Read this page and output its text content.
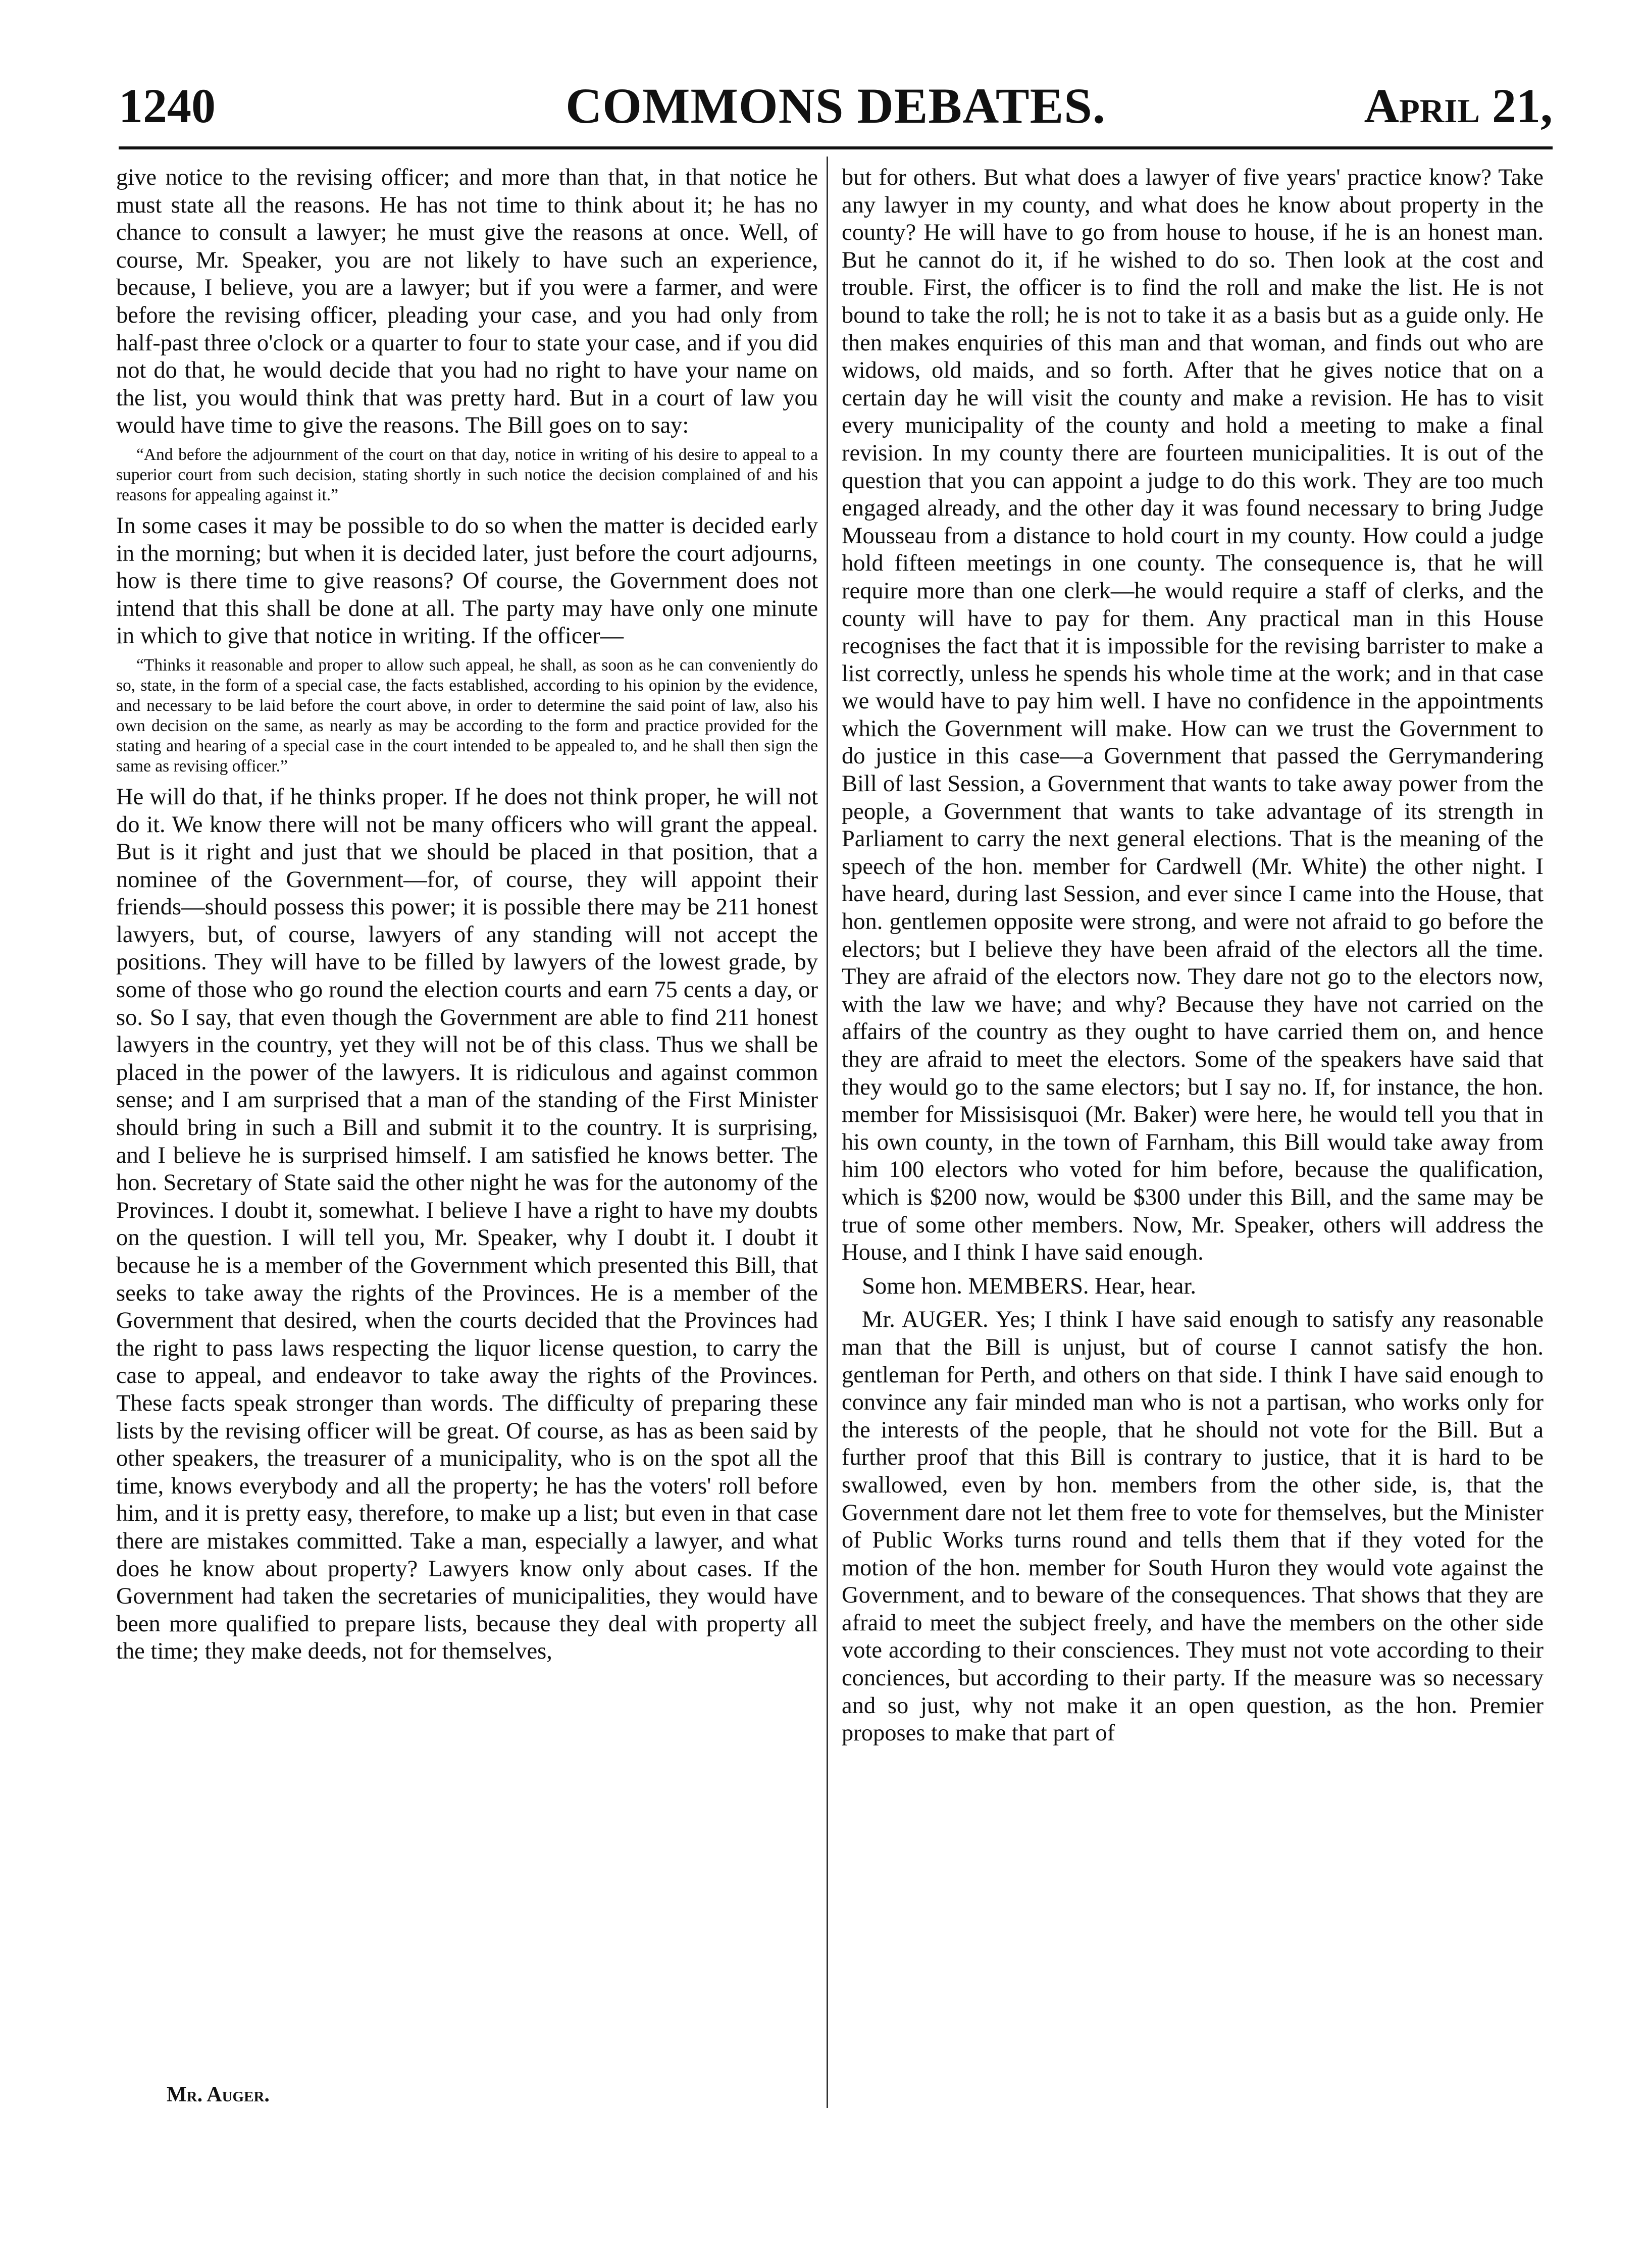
1240	COMMONS DEBATES.	April 21,

give notice to the revising officer; and more than that, in that notice he must state all the reasons. He has not time to think about it; he has no chance to consult a lawyer; he must give the reasons at once. Well, of course, Mr. Speaker, you are not likely to have such an experience, because, I believe, you are a lawyer; but if you were a farmer, and were before the revising officer, pleading your case, and you had only from half-past three o'clock or a quarter to four to state your case, and if you did not do that, he would decide that you had no right to have your name on the list, you would think that was pretty hard. But in a court of law you would have time to give the reasons. The Bill goes on to say:

“And before the adjournment of the court on that day, notice in writing of his desire to appeal to a superior court from such decision, stating shortly in such notice the decision complained of and his reasons for appealing against it.”

In some cases it may be possible to do so when the matter is decided early in the morning; but when it is decided later, just before the court adjourns, how is there time to give reasons? Of course, the Government does not intend that this shall be done at all. The party may have only one minute in which to give that notice in writing. If the officer—

“Thinks it reasonable and proper to allow such appeal, he shall, as soon as he can conveniently do so, state, in the form of a special case, the facts established, according to his opinion by the evidence, and necessary to be laid before the court above, in order to determine the said point of law, also his own decision on the same, as nearly as may be according to the form and practice provided for the stating and hearing of a special case in the court intended to be appealed to, and he shall then sign the same as revising officer.”

He will do that, if he thinks proper. If he does not think proper, he will not do it. We know there will not be many officers who will grant the appeal. But is it right and just that we should be placed in that position, that a nominee of the Government—for, of course, they will appoint their friends—should possess this power; it is possible there may be 211 honest lawyers, but, of course, lawyers of any standing will not accept the positions. They will have to be filled by lawyers of the lowest grade, by some of those who go round the election courts and earn 75 cents a day, or so. So I say, that even though the Government are able to find 211 honest lawyers in the country, yet they will not be of this class. Thus we shall be placed in the power of the lawyers. It is ridiculous and against common sense; and I am surprised that a man of the standing of the First Minister should bring in such a Bill and submit it to the country. It is surprising, and I believe he is surprised himself. I am satisfied he knows better. The hon. Secretary of State said the other night he was for the autonomy of the Provinces. I doubt it, somewhat. I believe I have a right to have my doubts on the question. I will tell you, Mr. Speaker, why I doubt it. I doubt it because he is a member of the Government which presented this Bill, that seeks to take away the rights of the Provinces. He is a member of the Government that desired, when the courts decided that the Provinces had the right to pass laws respecting the liquor license question, to carry the case to appeal, and endeavor to take away the rights of the Provinces. These facts speak stronger than words. The difficulty of preparing these lists by the revising officer will be great. Of course, as has as been said by other speakers, the treasurer of a municipality, who is on the spot all the time, knows everybody and all the property; he has the voters' roll before him, and it is pretty easy, therefore, to make up a list; but even in that case there are mistakes committed. Take a man, especially a lawyer, and what does he know about property? Lawyers know only about cases. If the Government had taken the secretaries of municipalities, they would have been more qualified to prepare lists, because they deal with property all the time; they make deeds, not for themselves,

but for others. But what does a lawyer of five years' practice know? Take any lawyer in my county, and what does he know about property in the county? He will have to go from house to house, if he is an honest man. But he cannot do it, if he wished to do so. Then look at the cost and trouble. First, the officer is to find the roll and make the list. He is not bound to take the roll; he is not to take it as a basis but as a guide only. He then makes enquiries of this man and that woman, and finds out who are widows, old maids, and so forth. After that he gives notice that on a certain day he will visit the county and make a revision. He has to visit every municipality of the county and hold a meeting to make a final revision. In my county there are fourteen municipalities. It is out of the question that you can appoint a judge to do this work. They are too much engaged already, and the other day it was found necessary to bring Judge Mousseau from a distance to hold court in my county. How could a judge hold fifteen meetings in one county. The consequence is, that he will require more than one clerk—he would require a staff of clerks, and the county will have to pay for them. Any practical man in this House recognises the fact that it is impossible for the revising barrister to make a list correctly, unless he spends his whole time at the work; and in that case we would have to pay him well. I have no confidence in the appointments which the Government will make. How can we trust the Government to do justice in this case—a Government that passed the Gerrymandering Bill of last Session, a Government that wants to take away power from the people, a Government that wants to take advantage of its strength in Parliament to carry the next general elections. That is the meaning of the speech of the hon. member for Cardwell (Mr. White) the other night. I have heard, during last Session, and ever since I came into the House, that hon. gentlemen opposite were strong, and were not afraid to go before the electors; but I believe they have been afraid of the electors all the time. They are afraid of the electors now. They dare not go to the electors now, with the law we have; and why? Because they have not carried on the affairs of the country as they ought to have carried them on, and hence they are afraid to meet the electors. Some of the speakers have said that they would go to the same electors; but I say no. If, for instance, the hon. member for Missisisquoi (Mr. Baker) were here, he would tell you that in his own county, in the town of Farnham, this Bill would take away from him 100 electors who voted for him before, because the qualification, which is $200 now, would be $300 under this Bill, and the same may be true of some other members. Now, Mr. Speaker, others will address the House, and I think I have said enough.

Some hon. MEMBERS. Hear, hear.

Mr. AUGER. Yes; I think I have said enough to satisfy any reasonable man that the Bill is unjust, but of course I cannot satisfy the hon. gentleman for Perth, and others on that side. I think I have said enough to convince any fair minded man who is not a partisan, who works only for the interests of the people, that he should not vote for the Bill. But a further proof that this Bill is contrary to justice, that it is hard to be swallowed, even by hon. members from the other side, is, that the Government dare not let them free to vote for themselves, but the Minister of Public Works turns round and tells them that if they voted for the motion of the hon. member for South Huron they would vote against the Government, and to beware of the consequences. That shows that they are afraid to meet the subject freely, and have the members on the other side vote according to their consciences. They must not vote according to their conciences, but according to their party. If the measure was so necessary and so just, why not make it an open question, as the hon. Premier proposes to make that part of

Mr. Auger.
